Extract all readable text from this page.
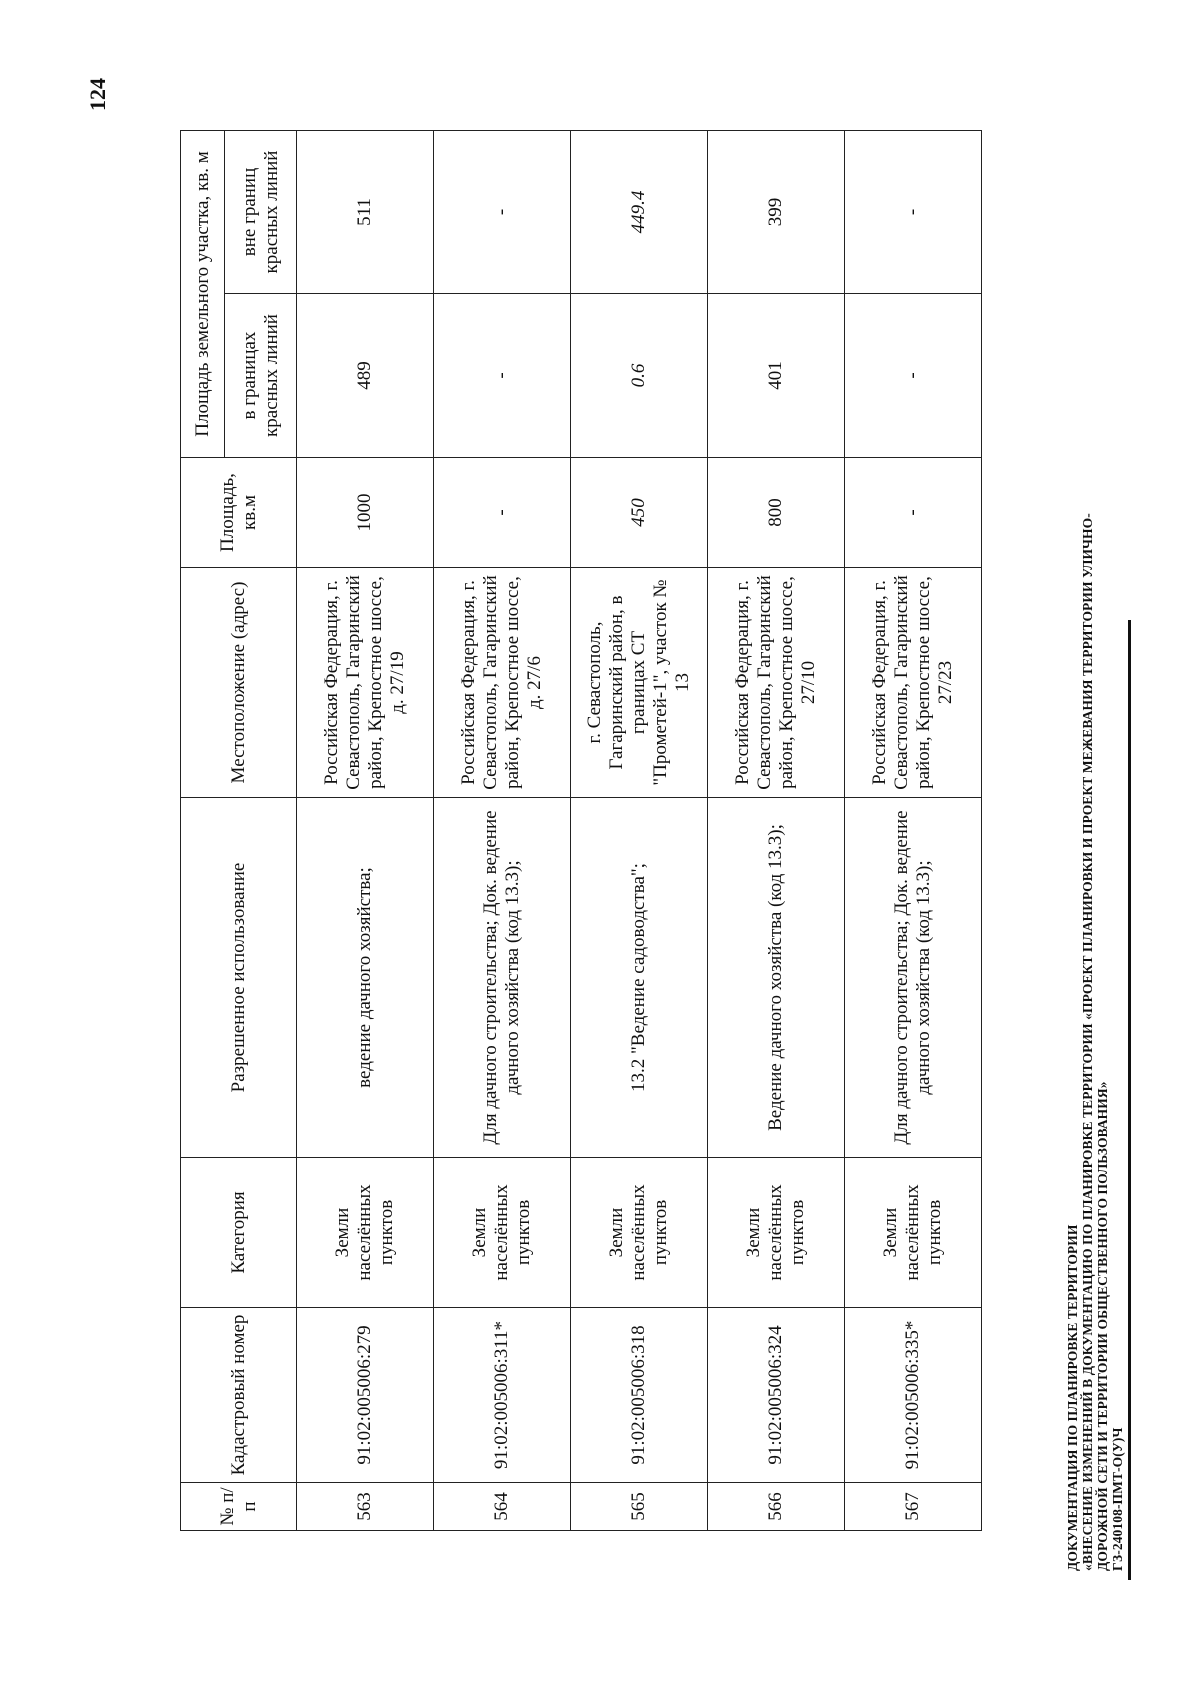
124
ДОКУМЕНТАЦИЯ ПО ПЛАНИРОВКЕ ТЕРРИТОРИИ «ВНЕСЕНИЕ ИЗМЕНЕНИЙ В ДОКУМЕНТАЦИЮ ПО ПЛАНИРОВКЕ ТЕРРИТОРИИ «ПРОЕКТ ПЛАНИРОВКИ И ПРОЕКТ МЕЖЕВАНИЯ ТЕРРИТОРИИ УЛИЧНО- ДОРОЖНОЙ СЕТИ И ТЕРРИТОРИИ ОБЩЕСТВЕННОГО ПОЛЬЗОВАНИЯ» ГЗ-240108-ПМТ-О(У)Ч
№ п/п	Кадастровый номер	Категория	Разрешенное использование	Местоположение (адрес)	Площадь, кв.м	Площадь земельного участка, кв. м	
						в границах красных линий	вне границ красных линий
563	91:02:005006:279	Земли населённых пунктов	ведение дачного хозяйства;	Российская Федерация, г. Севастополь, Гагаринский район, Крепостное шоссе, д. 27/19	1000	489	511
564	91:02:005006:311*	Земли населённых пунктов	Для дачного строительства; Док. ведение дачного хозяйства (код 13.3);	Российская Федерация, г. Севастополь, Гагаринский район, Крепостное шоссе, д. 27/6	-	-	-
565	91:02:005006:318	Земли населённых пунктов	13.2 "Ведение садоводства";	г. Севастополь, Гагаринский район, в границах СТ "Прометей-1", участок № 13	450	0.6	449.4
566	91:02:005006:324	Земли населённых пунктов	Ведение дачного хозяйства (код 13.3);	Российская Федерация, г. Севастополь, Гагаринский район, Крепостное шоссе, 27/10	800	401	399
567	91:02:005006:335*	Земли населённых пунктов	Для дачного строительства; Док. ведение дачного хозяйства (код 13.3);	Российская Федерация, г. Севастополь, Гагаринский район, Крепостное шоссе, 27/23	-	-	-
